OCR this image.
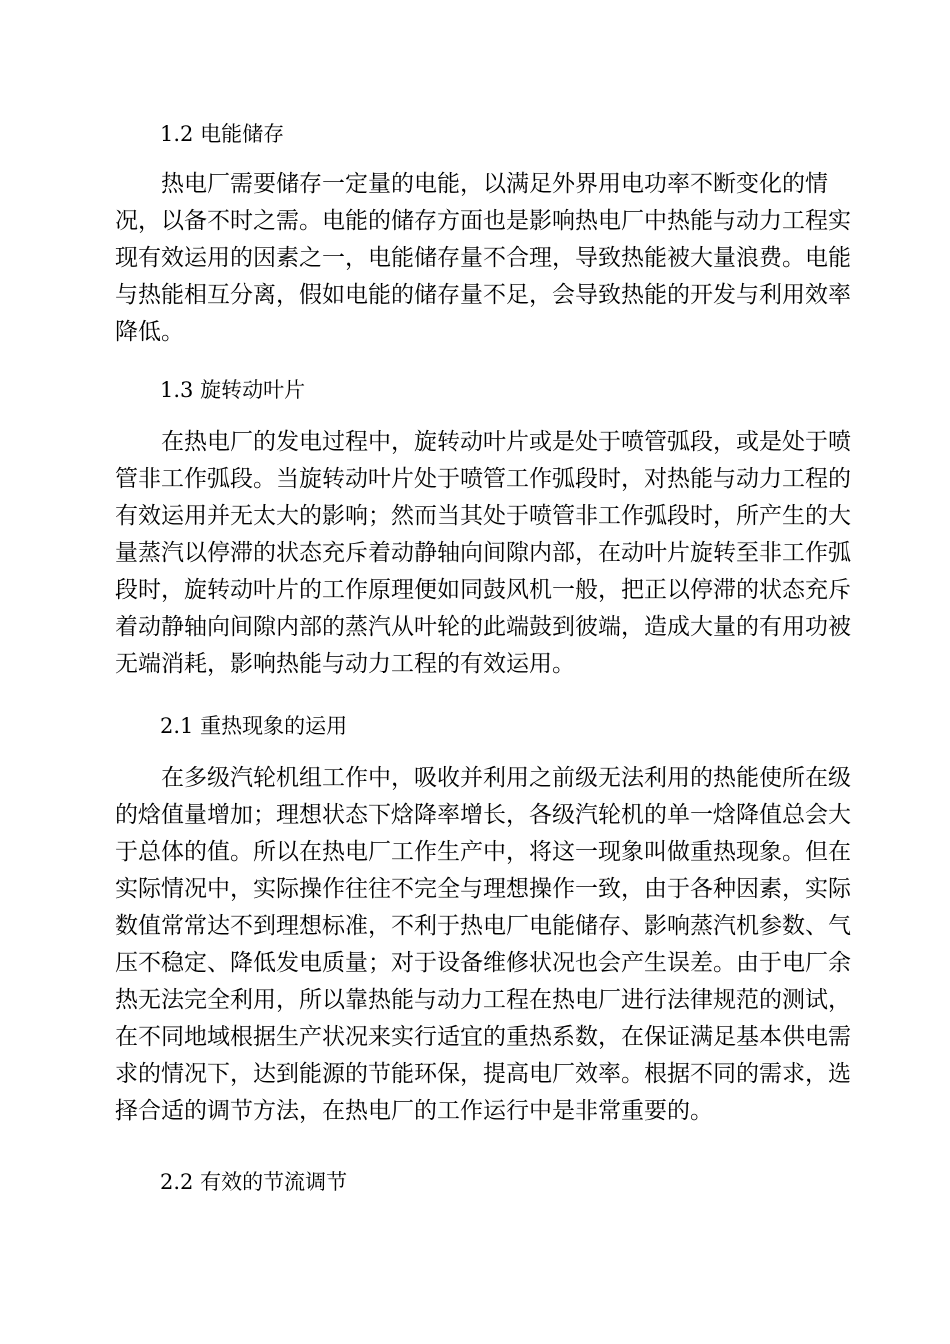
1.2 电能储存
热电厂需要储存一定量的电能，以满足外界用电功率不断变化的情
况，以备不时之需。电能的储存方面也是影响热电厂中热能与动力工程实
现有效运用的因素之一，电能储存量不合理，导致热能被大量浪费。电能
与热能相互分离，假如电能的储存量不足，会导致热能的开发与利用效率
降低。
1.3 旋转动叶片
在热电厂的发电过程中，旋转动叶片或是处于喷管弧段，或是处于喷
管非工作弧段。当旋转动叶片处于喷管工作弧段时，对热能与动力工程的
有效运用并无太大的影响；然而当其处于喷管非工作弧段时，所产生的大
量蒸汽以停滞的状态充斥着动静轴向间隙内部，在动叶片旋转至非工作弧
段时，旋转动叶片的工作原理便如同鼓风机一般，把正以停滞的状态充斥
着动静轴向间隙内部的蒸汽从叶轮的此端鼓到彼端，造成大量的有用功被
无端消耗，影响热能与动力工程的有效运用。
2.1 重热现象的运用
在多级汽轮机组工作中，吸收并利用之前级无法利用的热能使所在级
的焓值量增加；理想状态下焓降率增长，各级汽轮机的单一焓降值总会大
于总体的值。所以在热电厂工作生产中，将这一现象叫做重热现象。但在
实际情况中，实际操作往往不完全与理想操作一致，由于各种因素，实际
数值常常达不到理想标准，不利于热电厂电能储存、影响蒸汽机参数、气
压不稳定、降低发电质量；对于设备维修状况也会产生误差。由于电厂余
热无法完全利用，所以靠热能与动力工程在热电厂进行法律规范的测试，
在不同地域根据生产状况来实行适宜的重热系数，在保证满足基本供电需
求的情况下，达到能源的节能环保，提高电厂效率。根据不同的需求，选
择合适的调节方法，在热电厂的工作运行中是非常重要的。
2.2 有效的节流调节
